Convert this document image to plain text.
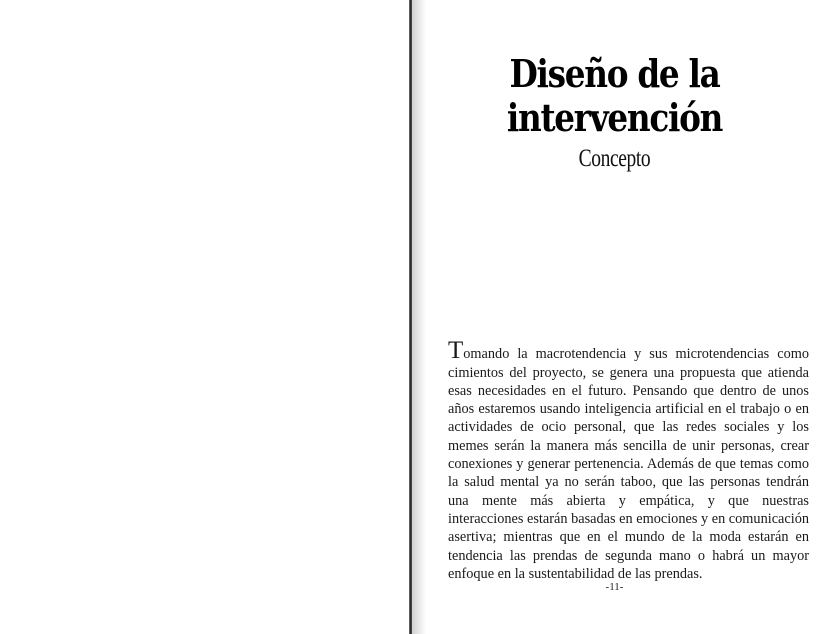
Diseño de la
intervención
Concepto

Tomando la macrotendencia y sus microtendencias como cimientos del proyecto, se genera una propuesta que atienda esas necesidades en el futuro. Pensando que dentro de unos años estaremos usando inteligencia artificial en el trabajo o en actividades de ocio personal, que las redes sociales y los memes serán la manera más sencilla de unir personas, crear conexiones y generar pertenencia. Además de que temas como la salud mental ya no serán taboo, que las personas tendrán una mente más abierta y empática, y que nuestras interacciones estarán basadas en emociones y en comunicación asertiva; mientras que en el mundo de la moda estarán en tendencia las prendas de segunda mano o habrá un mayor enfoque en la sustentabilidad de las prendas.

-11-
